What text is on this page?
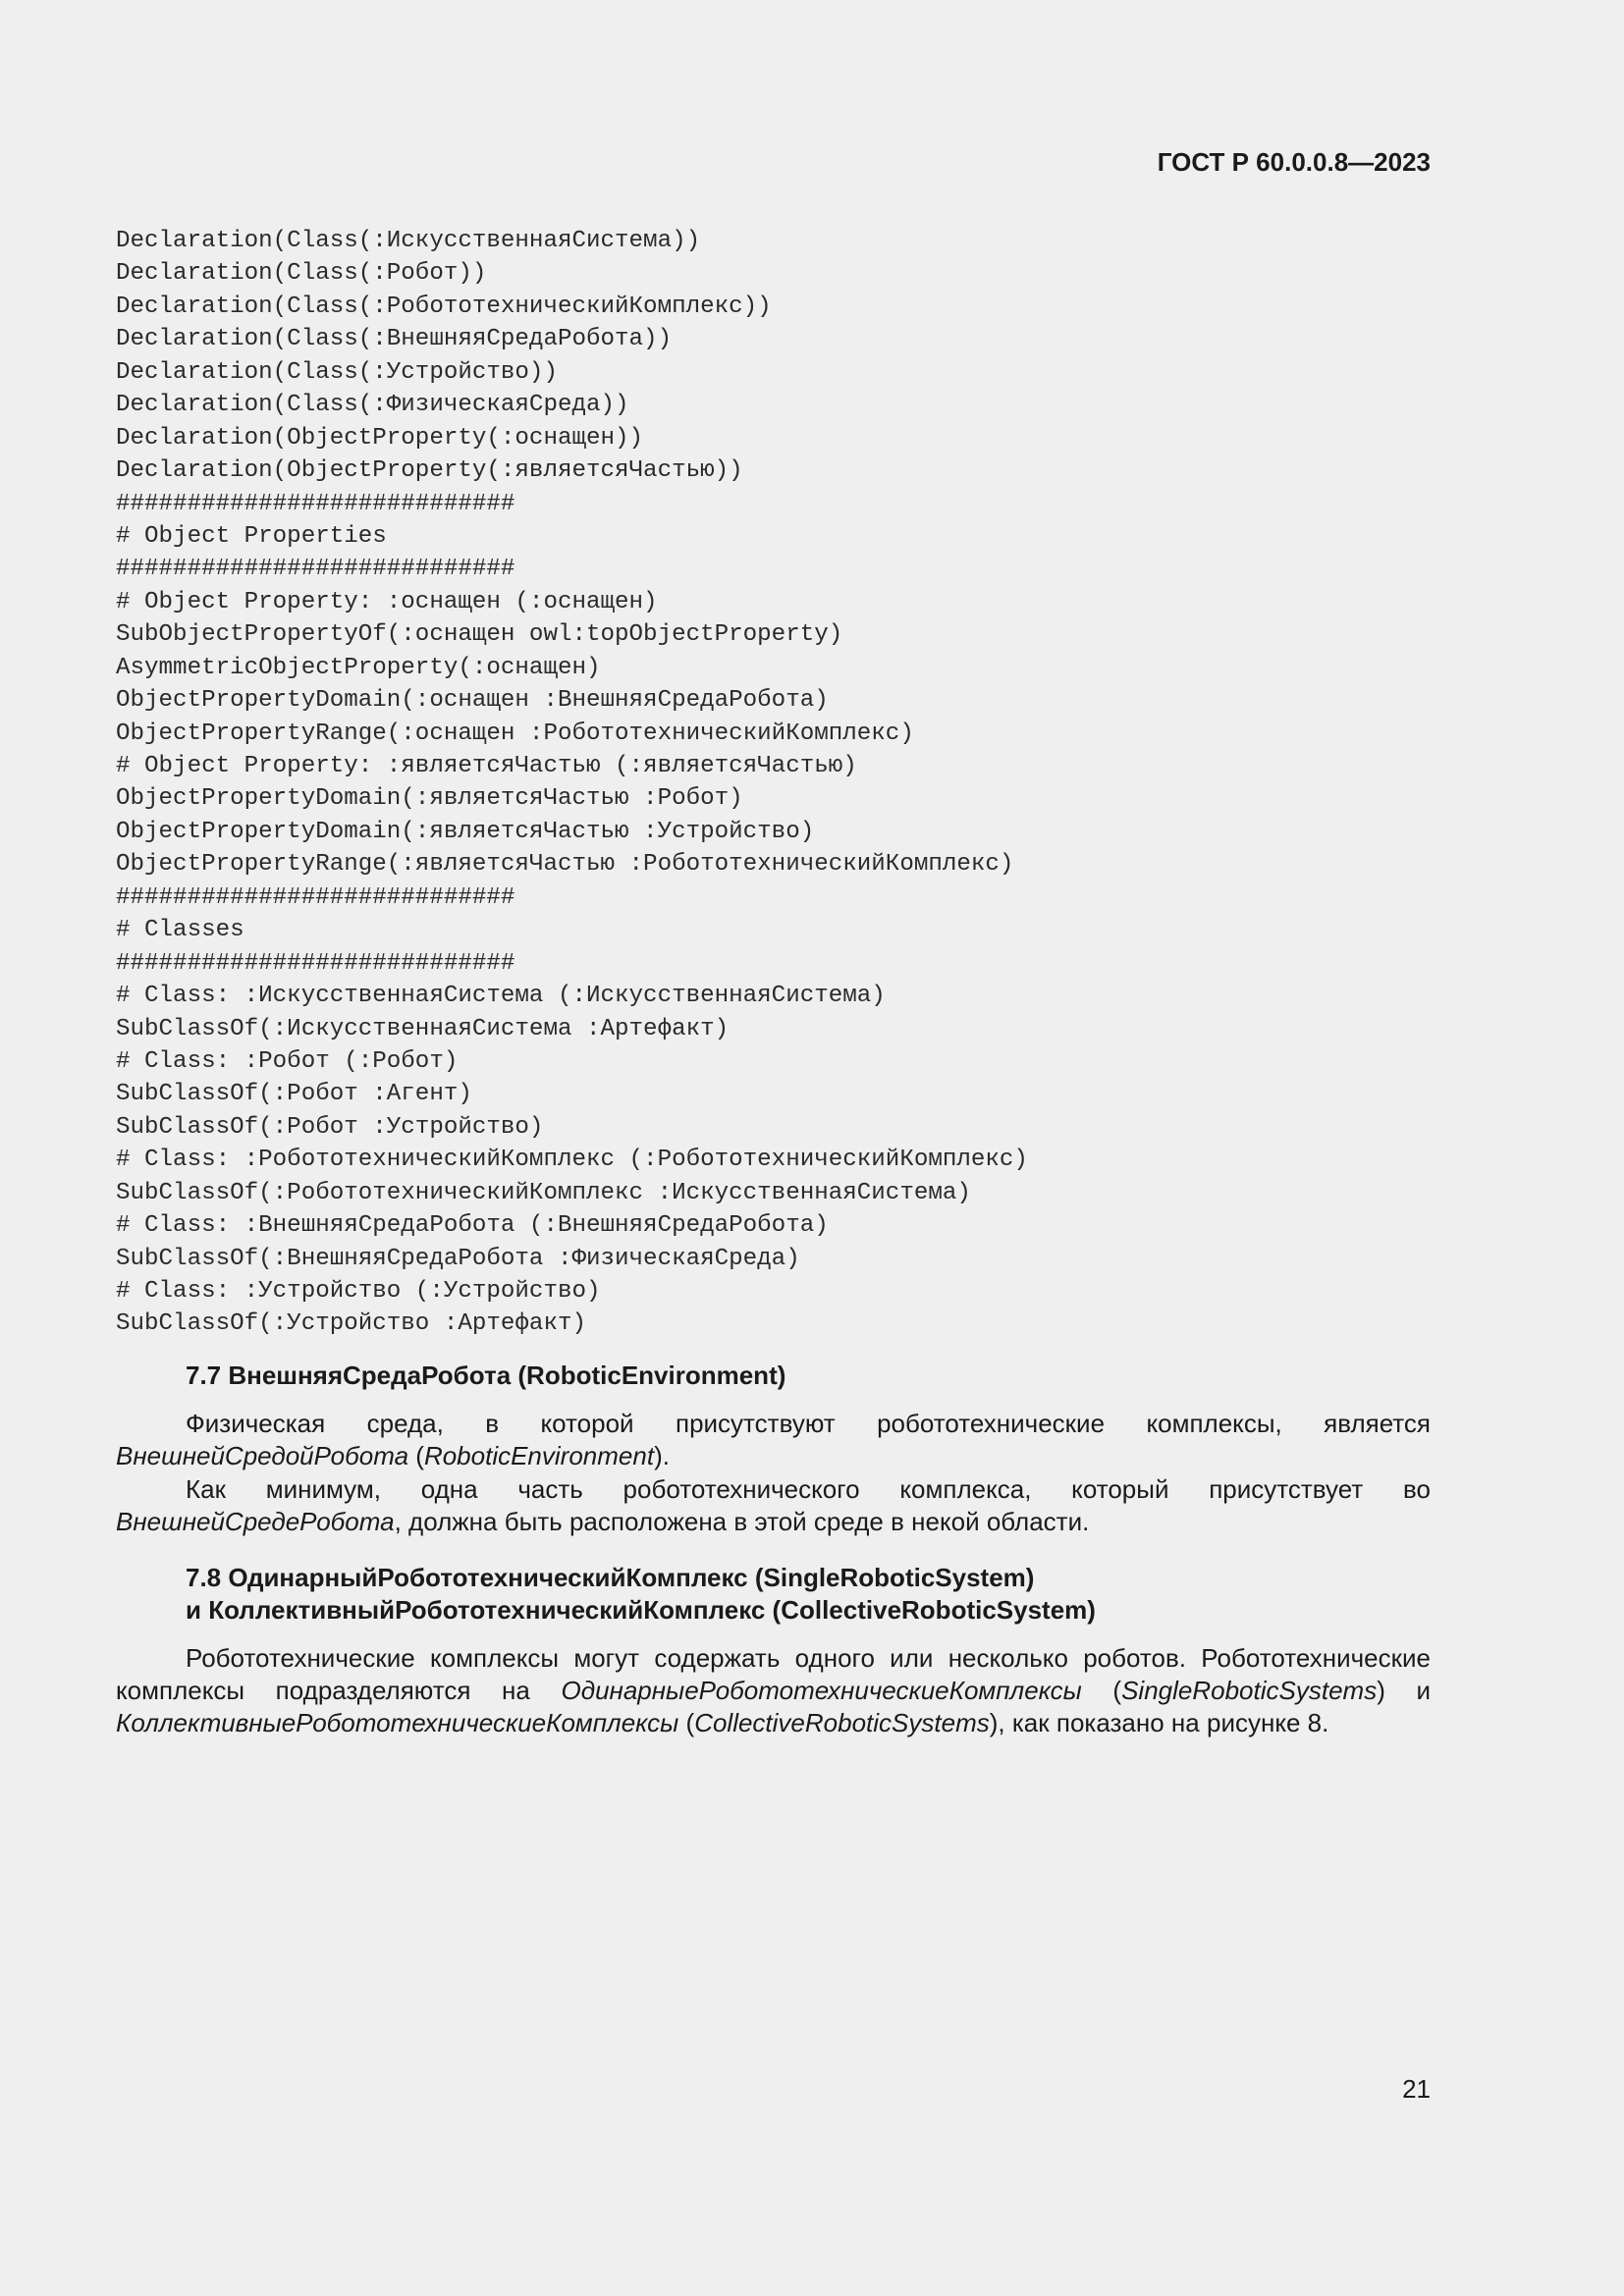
ГОСТ Р 60.0.0.8—2023
Declaration(Class(:ИскусственнаяСистема))
Declaration(Class(:Робот))
Declaration(Class(:РобототехническийКомплекс))
Declaration(Class(:ВнешняяСредаРобота))
Declaration(Class(:Устройство))
Declaration(Class(:ФизическаяСреда))
Declaration(ObjectProperty(:оснащен))
Declaration(ObjectProperty(:являетсяЧастью))
############################
# Object Properties
############################
# Object Property: :оснащен (:оснащен)
SubObjectPropertyOf(:оснащен owl:topObjectProperty)
AsymmetricObjectProperty(:оснащен)
ObjectPropertyDomain(:оснащен :ВнешняяСредаРобота)
ObjectPropertyRange(:оснащен :РобототехническийКомплекс)
# Object Property: :являетсяЧастью (:являетсяЧастью)
ObjectPropertyDomain(:являетсяЧастью :Робот)
ObjectPropertyDomain(:являетсяЧастью :Устройство)
ObjectPropertyRange(:являетсяЧастью :РобототехническийКомплекс)
############################
# Classes
############################
# Class: :ИскусственнаяСистема (:ИскусственнаяСистема)
SubClassOf(:ИскусственнаяСистема :Артефакт)
# Class: :Робот (:Робот)
SubClassOf(:Робот :Агент)
SubClassOf(:Робот :Устройство)
# Class: :РобототехническийКомплекс (:РобототехническийКомплекс)
SubClassOf(:РобототехническийКомплекс :ИскусственнаяСистема)
# Class: :ВнешняяСредаРобота (:ВнешняяСредаРобота)
SubClassOf(:ВнешняяСредаРобота :ФизическаяСреда)
# Class: :Устройство (:Устройство)
SubClassOf(:Устройство :Артефакт)
7.7 ВнешняяСредаРобота (RoboticEnvironment)
Физическая среда, в которой присутствуют робототехнические комплексы, является ВнешнейСредойРобота (RoboticEnvironment).
Как минимум, одна часть робототехнического комплекса, который присутствует во ВнешнейСредеРобота, должна быть расположена в этой среде в некой области.
7.8 ОдинарныйРобототехническийКомплекс (SingleRoboticSystem)
и КоллективныйРобототехническийКомплекс (CollectiveRoboticSystem)
Робототехнические комплексы могут содержать одного или несколько роботов. Робототехнические комплексы подразделяются на ОдинарныеРобототехническиеКомплексы (SingleRoboticSystems) и КоллективныеРобототехническиеКомплексы (CollectiveRoboticSystems), как показано на рисунке 8.
21
